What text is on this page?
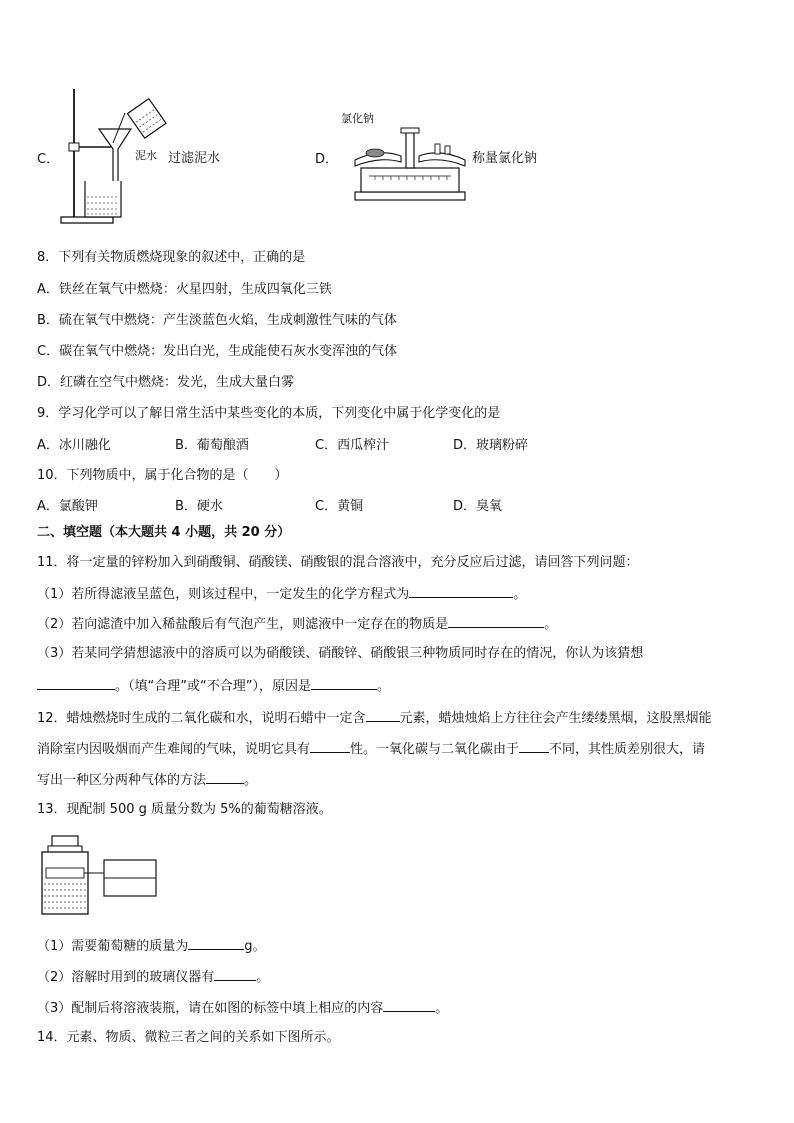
泥水
C．	过滤泥水
氯化钠
D．	称量氯化钠
8．下列有关物质燃烧现象的叙述中，正确的是
A．铁丝在氧气中燃烧：火星四射，生成四氧化三铁
B．硫在氧气中燃烧：产生淡蓝色火焰，生成刺激性气味的气体
C．碳在氧气中燃烧：发出白光，生成能使石灰水变浑浊的气体
D．红磷在空气中燃烧：发光，生成大量白雾
9．学习化学可以了解日常生活中某些变化的本质，下列变化中属于化学变化的是
A．冰川融化	B．葡萄酿酒	C．西瓜榨汁	D．玻璃粉碎
10．下列物质中，属于化合物的是（　　）
A．氯酸钾	B．硬水	C．黄铜	D．臭氧
二、填空题（本大题共 4 小题，共 20 分）
11．将一定量的锌粉加入到硝酸铜、硝酸镁、硝酸银的混合溶液中，充分反应后过滤，请回答下列问题：
（1）若所得滤液呈蓝色，则该过程中，一定发生的化学方程式为	。
（2）若向滤渣中加入稀盐酸后有气泡产生，则滤液中一定存在的物质是	。
（3）若某同学猜想滤液中的溶质可以为硝酸镁、硝酸锌、硝酸银三种物质同时存在的情况，你认为该猜想
。（填“合理”或“不合理”），原因是	。
12．蜡烛燃烧时生成的二氧化碳和水，说明石蜡中一定含	元素，蜡烛烛焰上方往往会产生缕缕黑烟，这股黑烟能
消除室内因吸烟而产生难闻的气味，说明它具有	性。一氧化碳与二氧化碳由于 不同，其性质差别很大，请
写出一种区分两种气体的方法	。
13．现配制 500 g 质量分数为 5%的葡萄糖溶液。
（1）需要葡萄糖的质量为	g。
（2）溶解时用到的玻璃仪器有	。
（3）配制后将溶液装瓶，请在如图的标签中填上相应的内容	。
14．元素、物质、微粒三者之间的关系如下图所示。
